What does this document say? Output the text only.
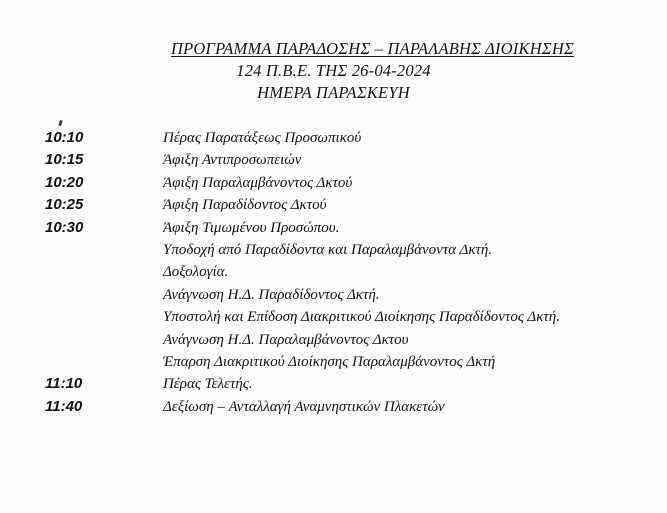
ΠΡΟΓΡΑΜΜΑ ΠΑΡΑΔΟΣΗΣ – ΠΑΡΑΛΑΒΗΣ ΔΙΟΙΚΗΣΗΣ
124 Π.Β.Ε. ΤΗΣ 26-04-2024
ΗΜΕΡΑ ΠΑΡΑΣΚΕΥΗ
10:10	Πέρας Παρατάξεως Προσωπικού
10:15	Άφιξη Αντιπροσωπειών
10:20	Άφιξη Παραλαμβάνοντος Δκτού
10:25	Άφιξη Παραδίδοντος Δκτού
10:30	Άφιξη Τιμωμένου Προσώπου.
Υποδοχή από Παραδίδοντα και Παραλαμβάνοντα Δκτή.
Δοξολογία.
Ανάγνωση Η.Δ. Παραδίδοντος Δκτή.
Υποστολή και Επίδοση Διακριτικού Διοίκησης Παραδίδοντος Δκτή.
Ανάγνωση Η.Δ. Παραλαμβάνοντος Δκτου
Έπαρση Διακριτικού Διοίκησης Παραλαμβάνοντος Δκτή
11:10	Πέρας Τελετής.
11:40	Δεξίωση – Ανταλλαγή Αναμνηστικών Πλακετών
